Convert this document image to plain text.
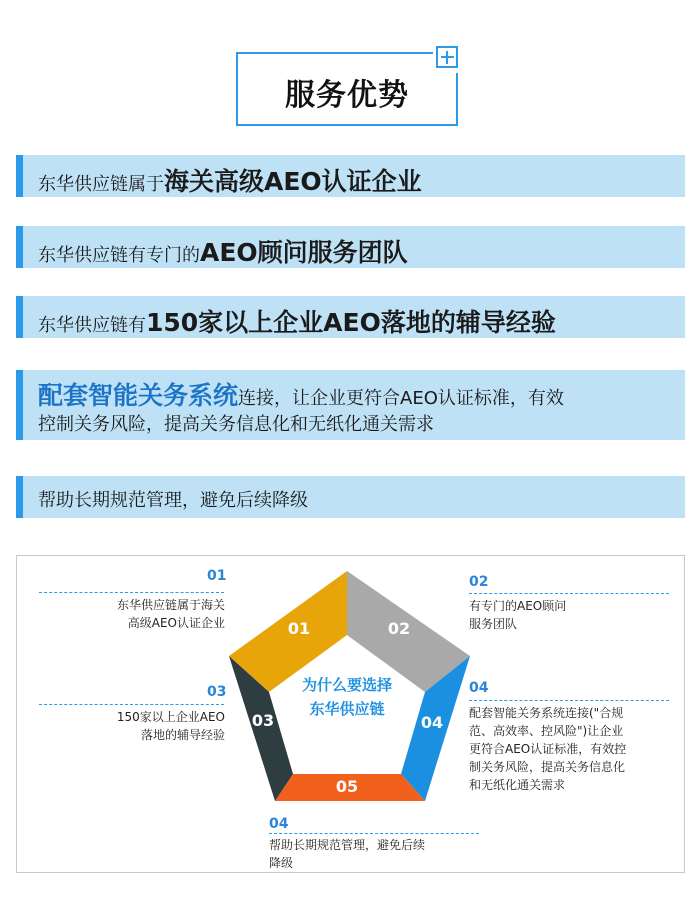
服务优势
东华供应链属于海关高级AEO认证企业
东华供应链有专门的AEO顾问服务团队
东华供应链有150家以上企业AEO落地的辅导经验
配套智能关务系统连接，让企业更符合AEO认证标准，有效
控制关务风险，提高关务信息化和无纸化通关需求
帮助长期规范管理，避免后续降级
01	02
04
05
03
为什么要选择
东华供应链
01
东华供应链属于海关
高级AEO认证企业
02
有专门的AEO顾问
服务团队
03
150家以上企业AEO
落地的辅导经验
04
配套智能关务系统连接("合规
范、高效率、控风险")让企业
更符合AEO认证标准，有效控
制关务风险，提高关务信息化
和无纸化通关需求
04
帮助长期规范管理，避免后续
降级
